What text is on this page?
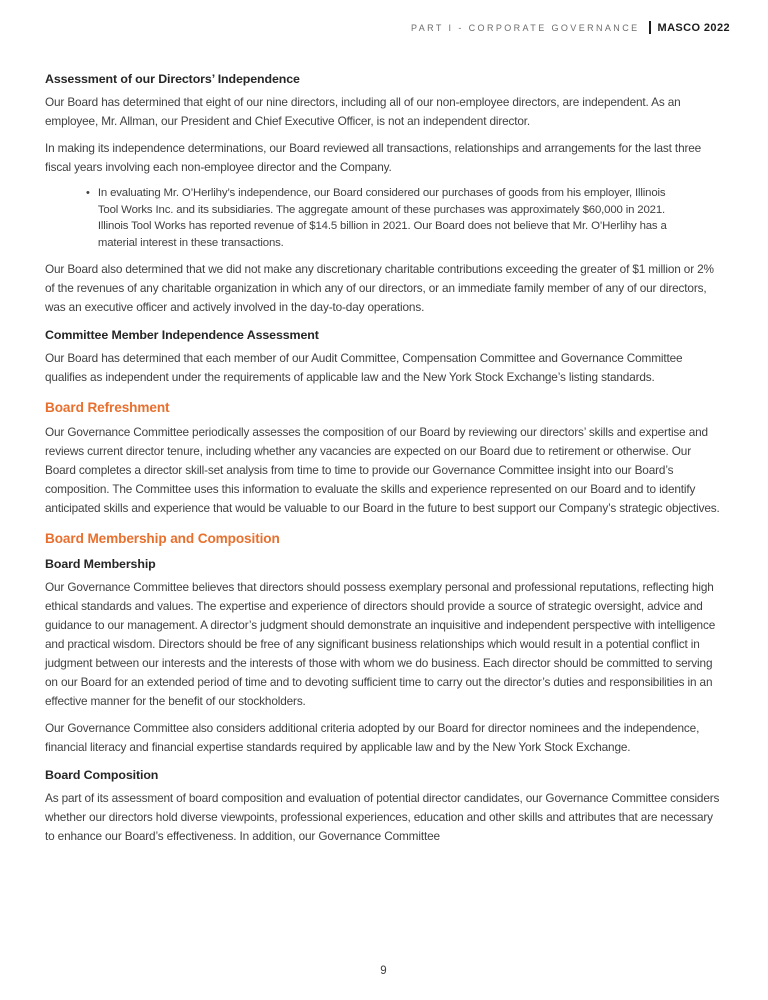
PART I - CORPORATE GOVERNANCE MASCO 2022
Assessment of our Directors’ Independence

Our Board has determined that eight of our nine directors, including all of our non-employee directors, are independent. As an employee, Mr. Allman, our President and Chief Executive Officer, is not an independent director.

In making its independence determinations, our Board reviewed all transactions, relationships and arrangements for the last three fiscal years involving each non-employee director and the Company.

• In evaluating Mr. O’Herlihy’s independence, our Board considered our purchases of goods from his employer, Illinois Tool Works Inc. and its subsidiaries. The aggregate amount of these purchases was approximately $60,000 in 2021. Illinois Tool Works has reported revenue of $14.5 billion in 2021. Our Board does not believe that Mr. O’Herlihy has a material interest in these transactions.

Our Board also determined that we did not make any discretionary charitable contributions exceeding the greater of $1 million or 2% of the revenues of any charitable organization in which any of our directors, or an immediate family member of any of our directors, was an executive officer and actively involved in the day-to-day operations.

Committee Member Independence Assessment

Our Board has determined that each member of our Audit Committee, Compensation Committee and Governance Committee qualifies as independent under the requirements of applicable law and the New York Stock Exchange’s listing standards.

Board Refreshment

Our Governance Committee periodically assesses the composition of our Board by reviewing our directors’ skills and expertise and reviews current director tenure, including whether any vacancies are expected on our Board due to retirement or otherwise. Our Board completes a director skill-set analysis from time to time to provide our Governance Committee insight into our Board’s composition. The Committee uses this information to evaluate the skills and experience represented on our Board and to identify anticipated skills and experience that would be valuable to our Board in the future to best support our Company’s strategic objectives.

Board Membership and Composition
Board Membership

Our Governance Committee believes that directors should possess exemplary personal and professional reputations, reflecting high ethical standards and values. The expertise and experience of directors should provide a source of strategic oversight, advice and guidance to our management. A director’s judgment should demonstrate an inquisitive and independent perspective with intelligence and practical wisdom. Directors should be free of any significant business relationships which would result in a potential conflict in judgment between our interests and the interests of those with whom we do business. Each director should be committed to serving on our Board for an extended period of time and to devoting sufficient time to carry out the director’s duties and responsibilities in an effective manner for the benefit of our stockholders.

Our Governance Committee also considers additional criteria adopted by our Board for director nominees and the independence, financial literacy and financial expertise standards required by applicable law and by the New York Stock Exchange.

Board Composition

As part of its assessment of board composition and evaluation of potential director candidates, our Governance Committee considers whether our directors hold diverse viewpoints, professional experiences, education and other skills and attributes that are necessary to enhance our Board’s effectiveness. In addition, our Governance Committee

9
